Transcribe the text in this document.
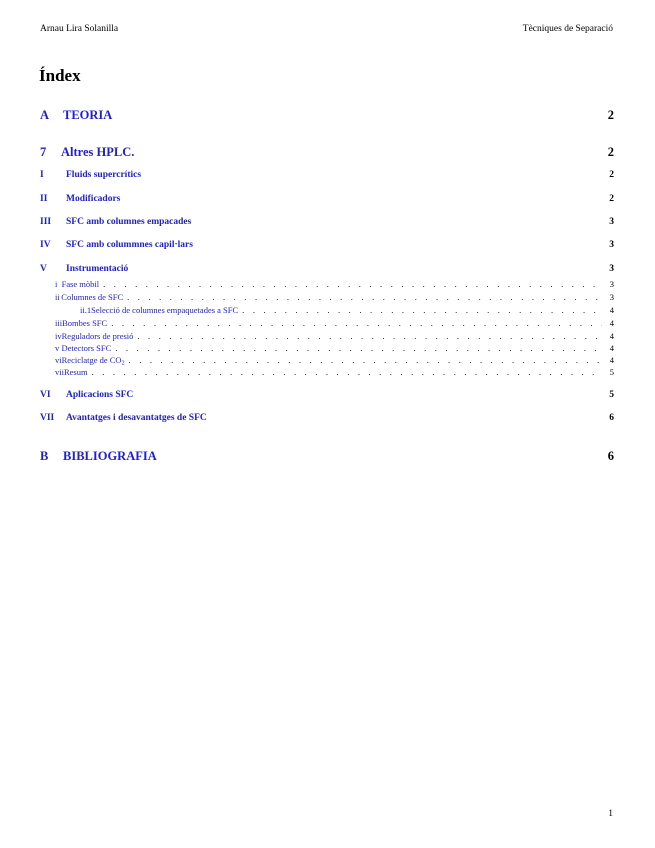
Arnau Lira Solanilla	Tècniques de Separació
Índex
A	TEORIA	2
7	Altres HPLC.	2
I	Fluids supercrítics	2
II	Modificadors	2
III	SFC amb columnes empacades	3
IV	SFC amb colummnes capil·lars	3
V	Instrumentació	3
i Fase mòbil . . .	3
ii Columnes de SFC . . .	3
ii.1 Selecció de columnes empaquetades a SFC . . .	4
iii Bombes SFC . . .	4
iv Reguladors de presió . . .	4
v Detectors SFC . . .	4
vi Reciclatge de $CO_2$ . . .	4
vii Resum . . .	5
VI	Aplicacions SFC	5
VII	Avantatges i desavantatges de SFC	6
B	BIBLIOGRAFIA	6
1
